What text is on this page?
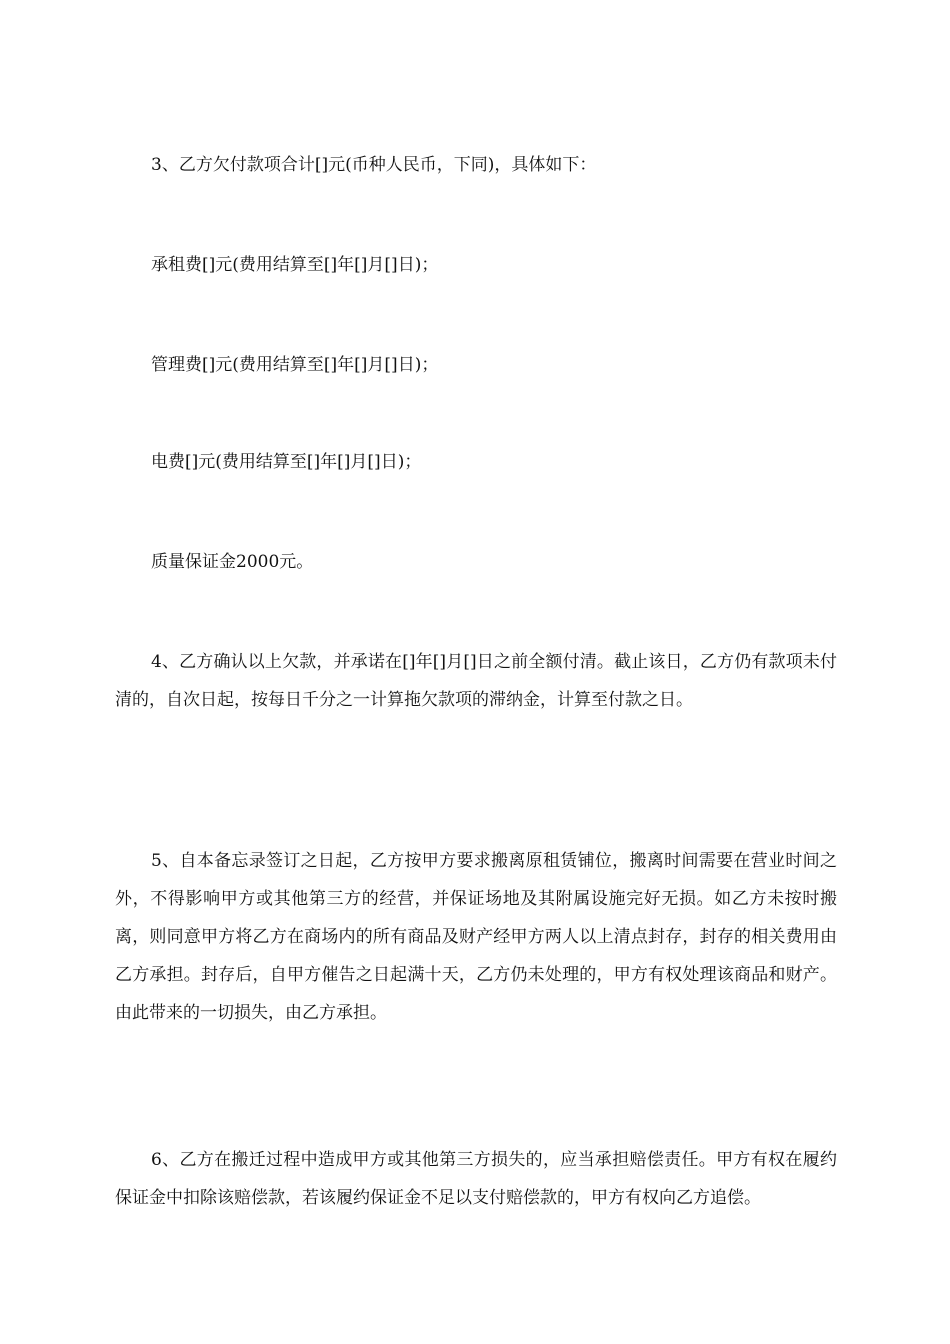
3、乙方欠付款项合计[]元(币种人民币，下同)，具体如下：

承租费[]元(费用结算至[]年[]月[]日)；

管理费[]元(费用结算至[]年[]月[]日)；

电费[]元(费用结算至[]年[]月[]日)；

质量保证金2000元。

4、乙方确认以上欠款，并承诺在[]年[]月[]日之前全额付清。截止该日，乙方仍有款项未付清的，自次日起，按每日千分之一计算拖欠款项的滞纳金，计算至付款之日。

5、自本备忘录签订之日起，乙方按甲方要求搬离原租赁铺位，搬离时间需要在营业时间之外，不得影响甲方或其他第三方的经营，并保证场地及其附属设施完好无损。如乙方未按时搬离，则同意甲方将乙方在商场内的所有商品及财产经甲方两人以上清点封存，封存的相关费用由乙方承担。封存后，自甲方催告之日起满十天，乙方仍未处理的，甲方有权处理该商品和财产。由此带来的一切损失，由乙方承担。

6、乙方在搬迁过程中造成甲方或其他第三方损失的，应当承担赔偿责任。甲方有权在履约保证金中扣除该赔偿款，若该履约保证金不足以支付赔偿款的，甲方有权向乙方追偿。
